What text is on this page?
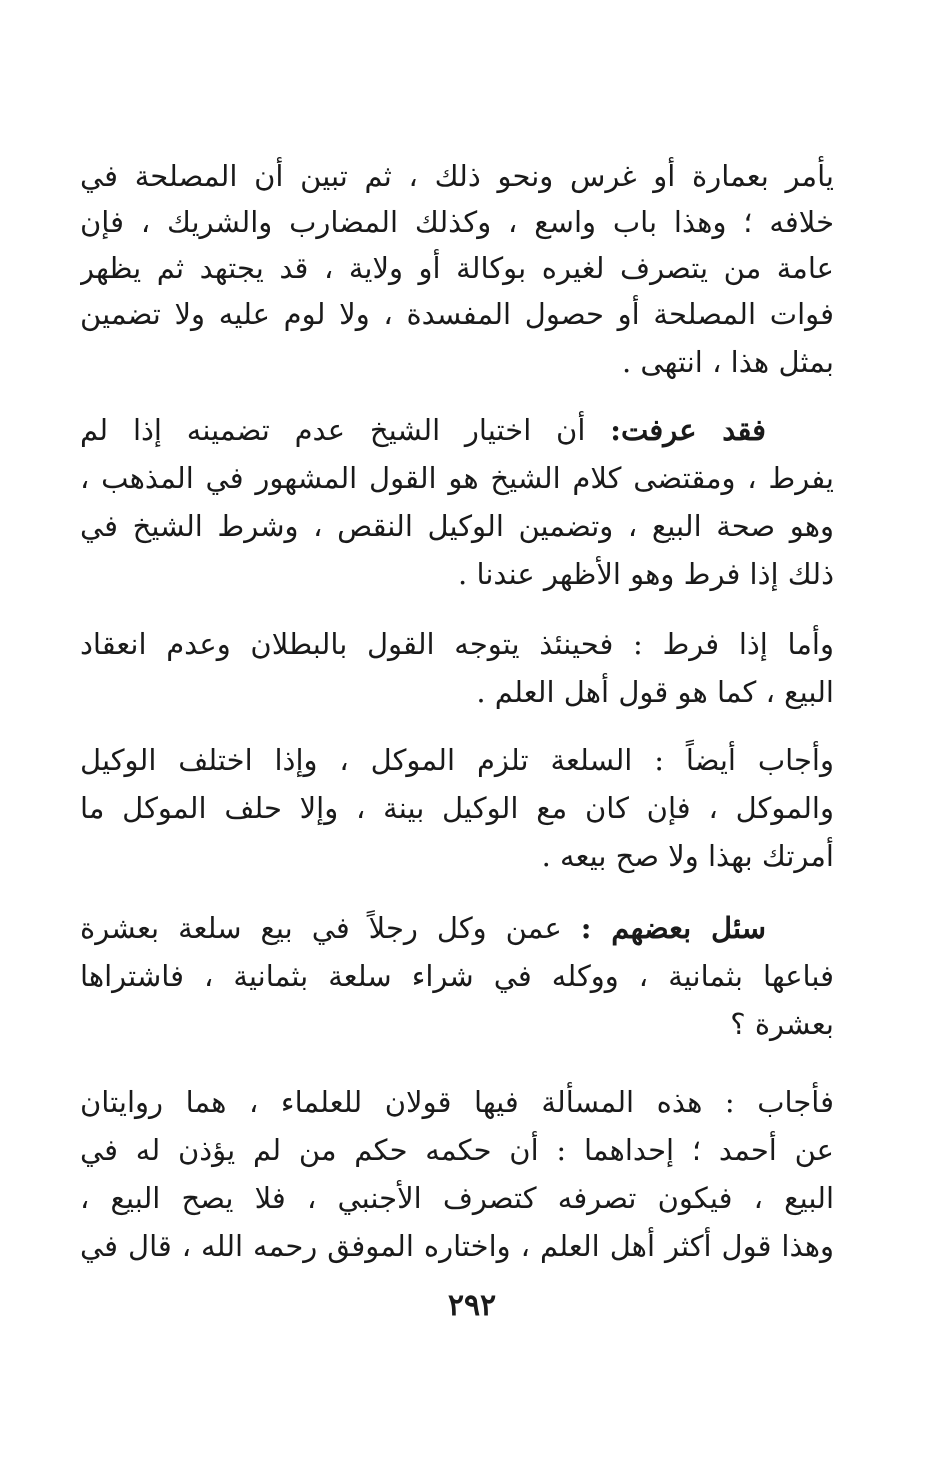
يأمر بعمارة أو غرس ونحو ذلك ، ثم تبين أن المصلحة في
خلافه ؛ وهذا باب واسع ، وكذلك المضارب والشريك ، فإن
عامة من يتصرف لغيره بوكالة أو ولاية ، قد يجتهد ثم يظهر
فوات المصلحة أو حصول المفسدة ، ولا لوم عليه ولا تضمين
بمثل هذا ، انتهى .
فقد عرفت: أن اختيار الشيخ عدم تضمينه إذا لم
يفرط ، ومقتضى كلام الشيخ هو القول المشهور في المذهب ،
وهو صحة البيع ، وتضمين الوكيل النقص ، وشرط الشيخ في
ذلك إذا فرط وهو الأظهر عندنا .
وأما إذا فرط : فحينئذ يتوجه القول بالبطلان وعدم انعقاد
البيع ، كما هو قول أهل العلم .
وأجاب أيضاً : السلعة تلزم الموكل ، وإذا اختلف الوكيل
والموكل ، فإن كان مع الوكيل بينة ، وإلا حلف الموكل ما
أمرتك بهذا ولا صح بيعه .
سئل بعضهم : عمن وكل رجلاً في بيع سلعة بعشرة
فباعها بثمانية ، ووكله في شراء سلعة بثمانية ، فاشتراها
بعشرة ؟
فأجاب : هذه المسألة فيها قولان للعلماء ، هما روايتان
عن أحمد ؛ إحداهما : أن حكمه حكم من لم يؤذن له في
البيع ، فيكون تصرفه كتصرف الأجنبي ، فلا يصح البيع ،
وهذا قول أكثر أهل العلم ، واختاره الموفق رحمه الله ، قال في
٢٩٢
